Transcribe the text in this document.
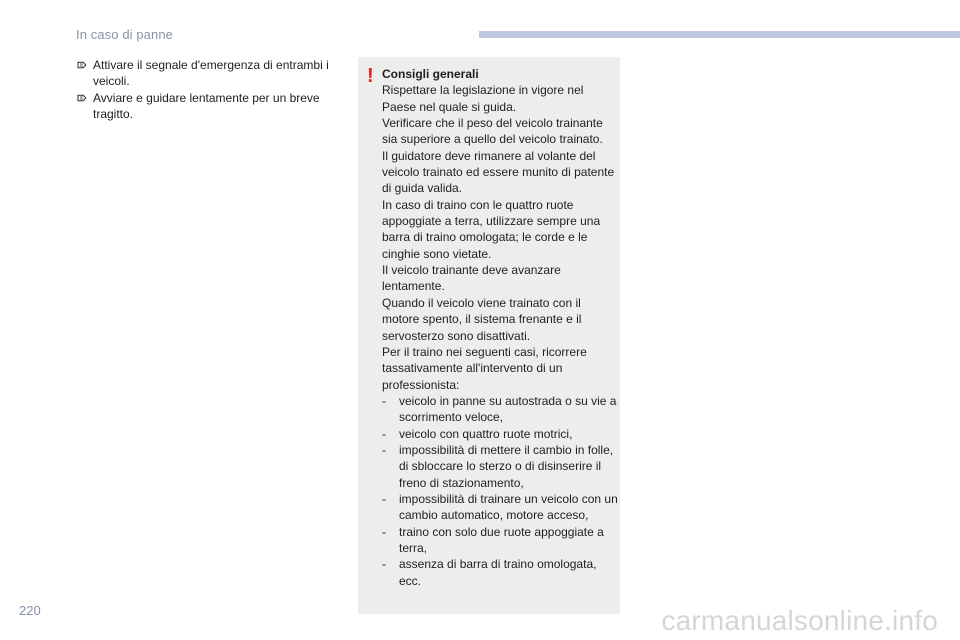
In caso di panne
Attivare il segnale d'emergenza di entrambi i veicoli.
Avviare e guidare lentamente per un breve tragitto.
! Consigli generali
Rispettare la legislazione in vigore nel Paese nel quale si guida.
Verificare che il peso del veicolo trainante sia superiore a quello del veicolo trainato.
Il guidatore deve rimanere al volante del veicolo trainato ed essere munito di patente di guida valida.
In caso di traino con le quattro ruote appoggiate a terra, utilizzare sempre una barra di traino omologata; le corde e le cinghie sono vietate.
Il veicolo trainante deve avanzare lentamente.
Quando il veicolo viene trainato con il motore spento, il sistema frenante e il servosterzo sono disattivati.
Per il traino nei seguenti casi, ricorrere tassativamente all'intervento di un professionista:
- veicolo in panne su autostrada o su vie a scorrimento veloce,
- veicolo con quattro ruote motrici,
- impossibilità di mettere il cambio in folle, di sbloccare lo sterzo o di disinserire il freno di stazionamento,
- impossibilità di trainare un veicolo con un cambio automatico, motore acceso,
- traino con solo due ruote appoggiate a terra,
- assenza di barra di traino omologata, ecc.
220	carmanualsonline.info
